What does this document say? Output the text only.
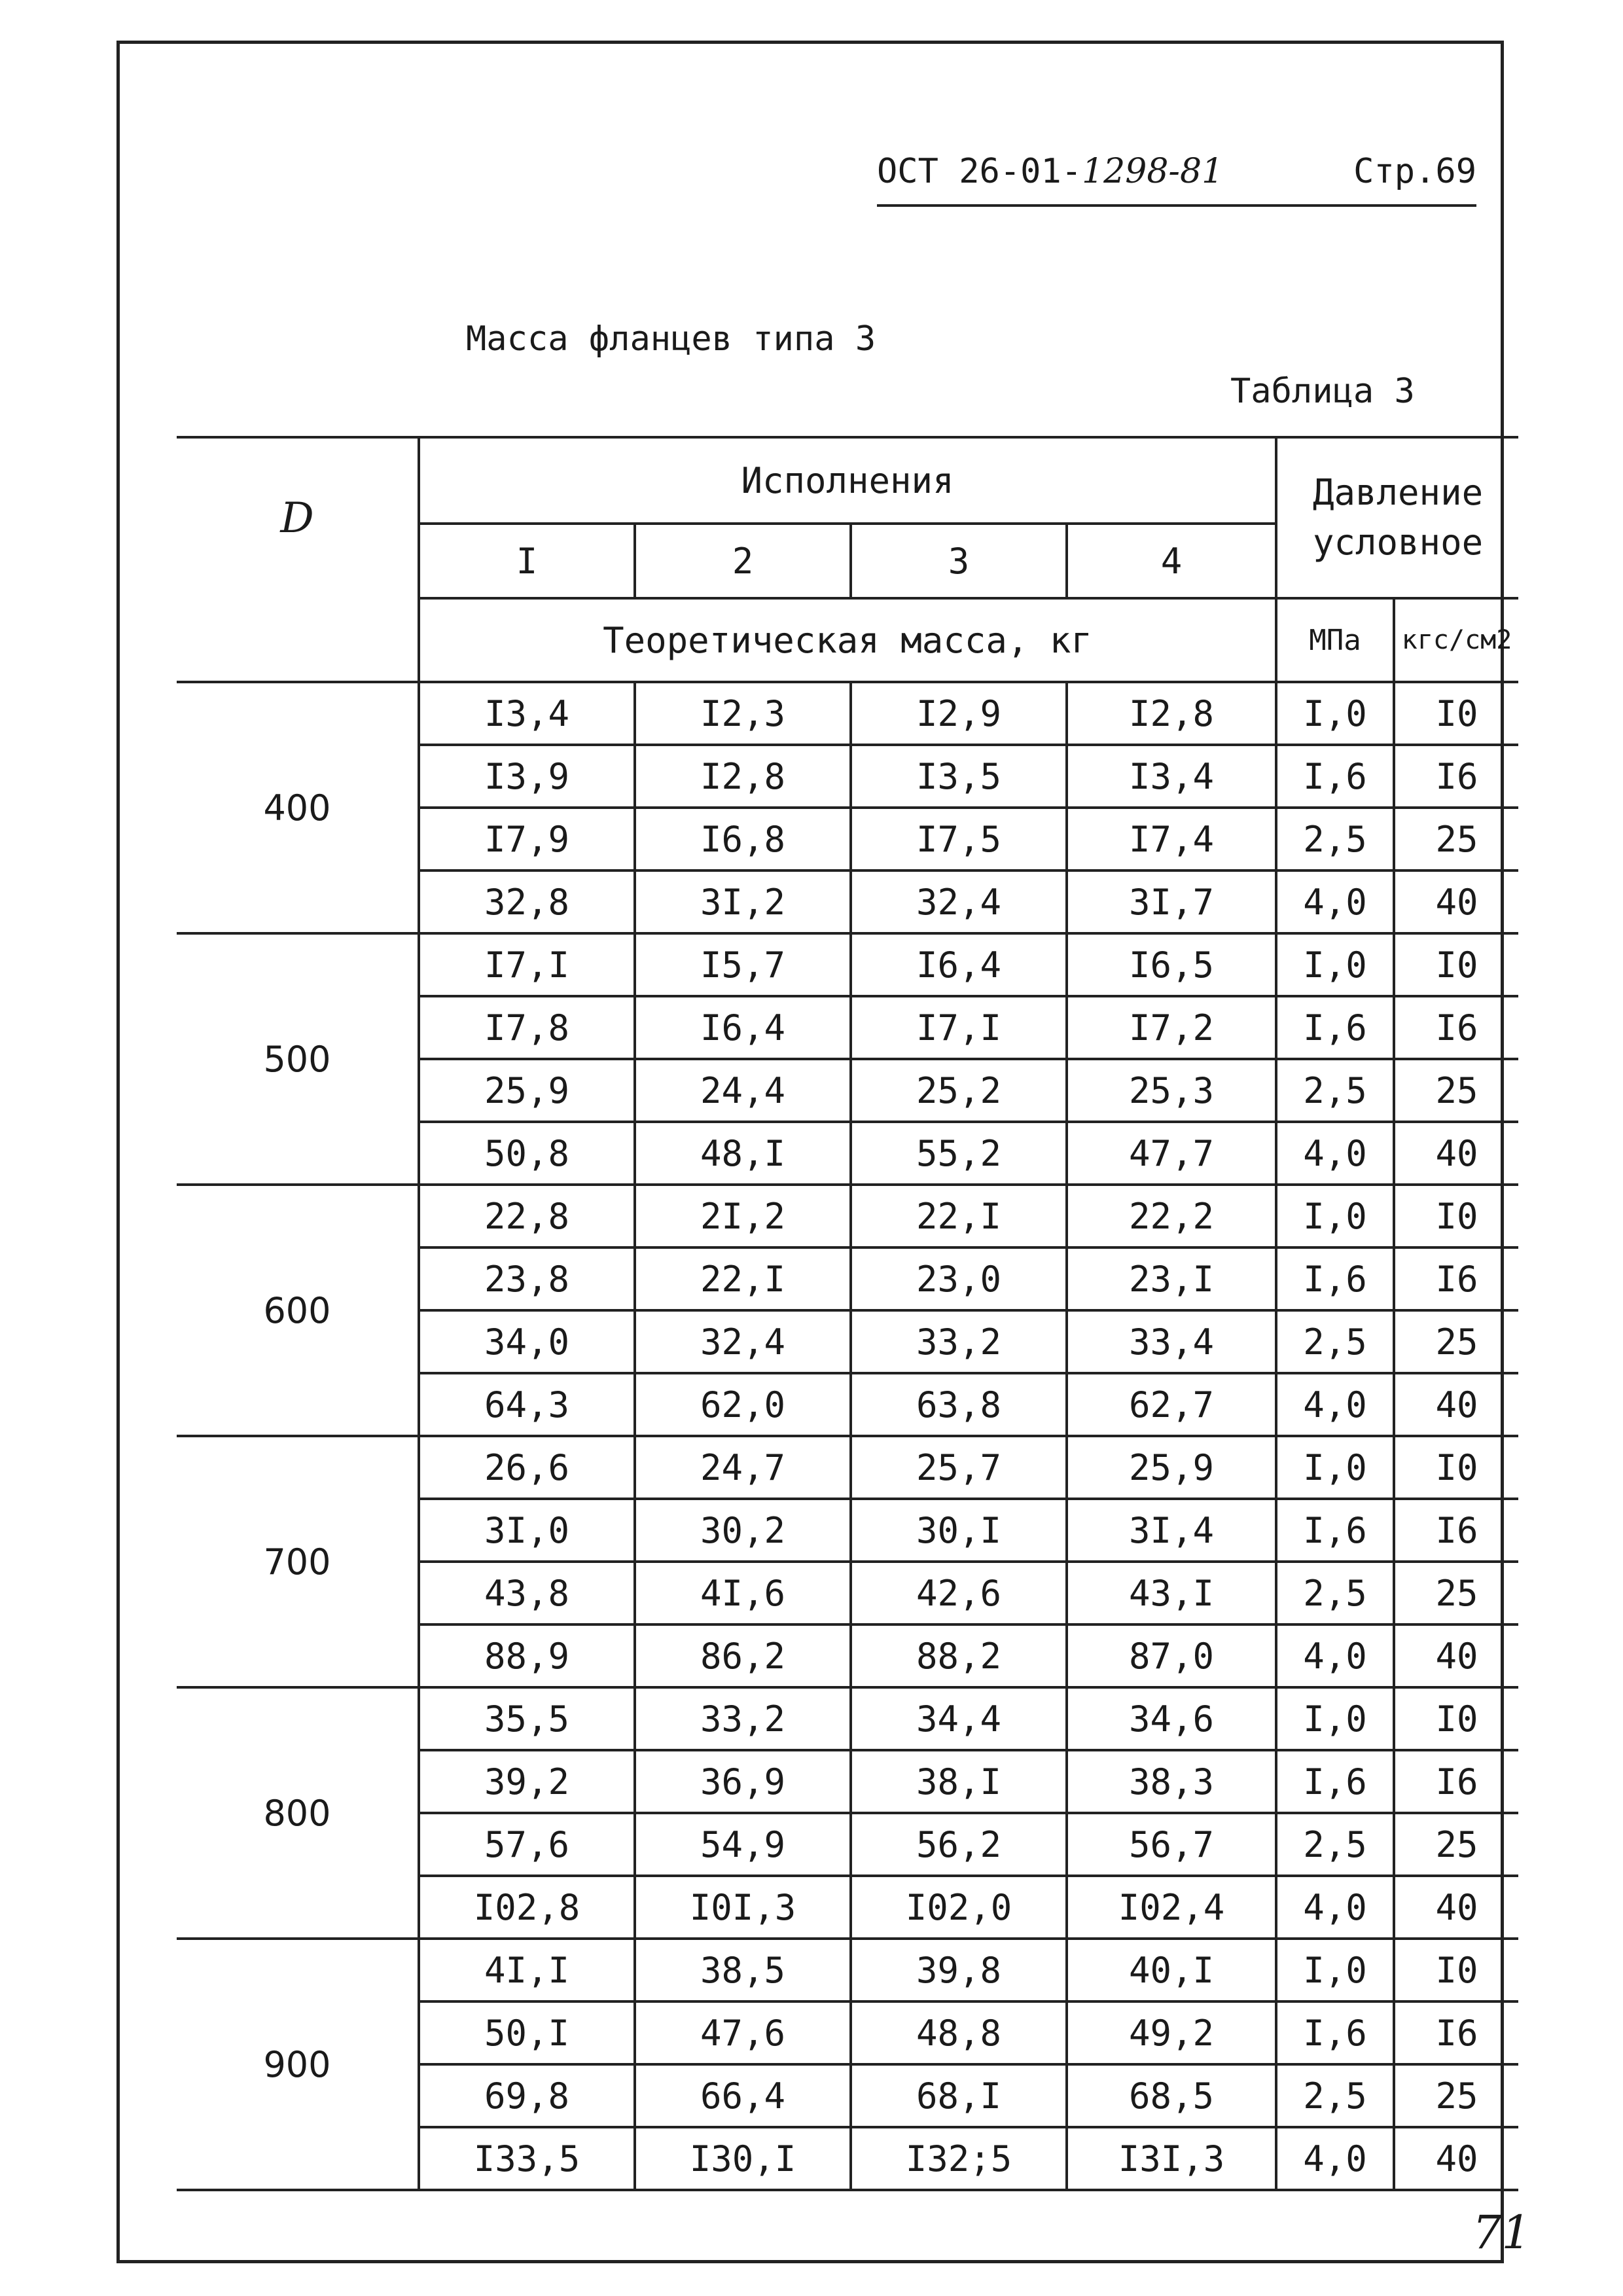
ОСТ 26-01-1298-81	Стр.69
Масса фланцев типа 3
Таблица 3
D	Исполнения				Давление условное	
	I	2	3	4		
	Теоретическая масса, кг				МПа	кгс/см2
400	I3,4	I2,3	I2,9	I2,8	I,0	I0
	I3,9	I2,8	I3,5	I3,4	I,6	I6
	I7,9	I6,8	I7,5	I7,4	2,5	25
	32,8	3I,2	32,4	3I,7	4,0	40
500	I7,I	I5,7	I6,4	I6,5	I,0	I0
	I7,8	I6,4	I7,I	I7,2	I,6	I6
	25,9	24,4	25,2	25,3	2,5	25
	50,8	48,I	55,2	47,7	4,0	40
600	22,8	2I,2	22,I	22,2	I,0	I0
	23,8	22,I	23,0	23,I	I,6	I6
	34,0	32,4	33,2	33,4	2,5	25
	64,3	62,0	63,8	62,7	4,0	40
700	26,6	24,7	25,7	25,9	I,0	I0
	3I,0	30,2	30,I	3I,4	I,6	I6
	43,8	4I,6	42,6	43,I	2,5	25
	88,9	86,2	88,2	87,0	4,0	40
800	35,5	33,2	34,4	34,6	I,0	I0
	39,2	36,9	38,I	38,3	I,6	I6
	57,6	54,9	56,2	56,7	2,5	25
	I02,8	I0I,3	I02,0	I02,4	4,0	40
900	4I,I	38,5	39,8	40,I	I,0	I0
	50,I	47,6	48,8	49,2	I,6	I6
	69,8	66,4	68,I	68,5	2,5	25
	I33,5	I30,I	I32;5	I3I,3	4,0	40
71
